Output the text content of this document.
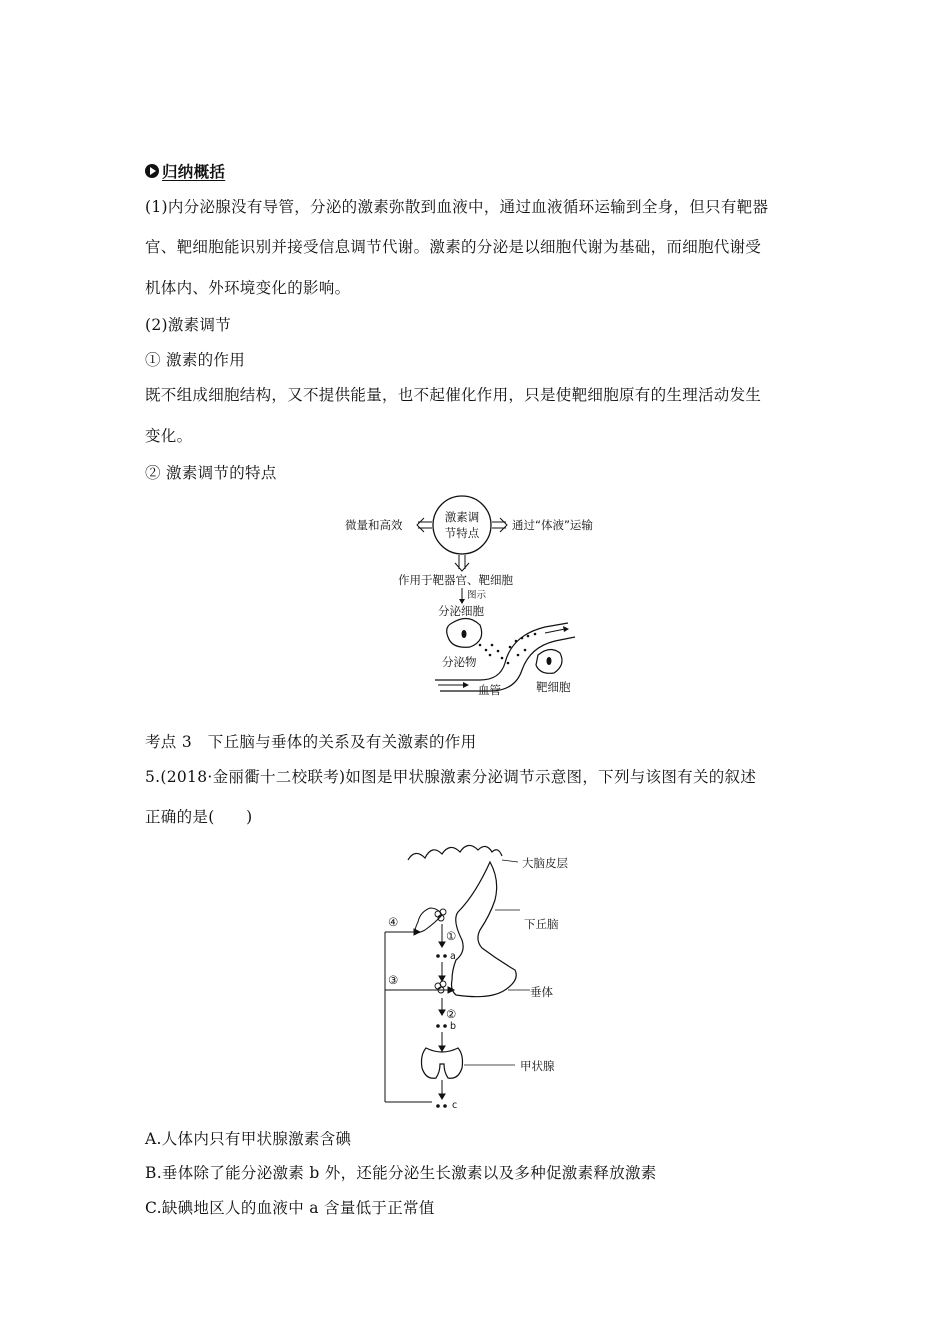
归纳概括
(1)内分泌腺没有导管，分泌的激素弥散到血液中，通过血液循环运输到全身，但只有靶器
官、靶细胞能识别并接受信息调节代谢。激素的分泌是以细胞代谢为基础，而细胞代谢受
机体内、外环境变化的影响。
(2)激素调节
① 激素的作用
既不组成细胞结构，又不提供能量，也不起催化作用，只是使靶细胞原有的生理活动发生
变化。
② 激素调节的特点
激素调
节特点
微量和高效	通过“体液”运输
作用于靶器官、靶细胞
图示
分泌细胞
分泌物
血管	靶细胞
考点 3　下丘脑与垂体的关系及有关激素的作用
5.(2018·金丽衢十二校联考)如图是甲状腺激素分泌调节示意图，下列与该图有关的叙述
正确的是(　　)
大脑皮层
下丘脑
垂体
①
a
②
b
甲状腺
c
④
③
A.人体内只有甲状腺激素含碘
B.垂体除了能分泌激素 b 外，还能分泌生长激素以及多种促激素释放激素
C.缺碘地区人的血液中 a 含量低于正常值
